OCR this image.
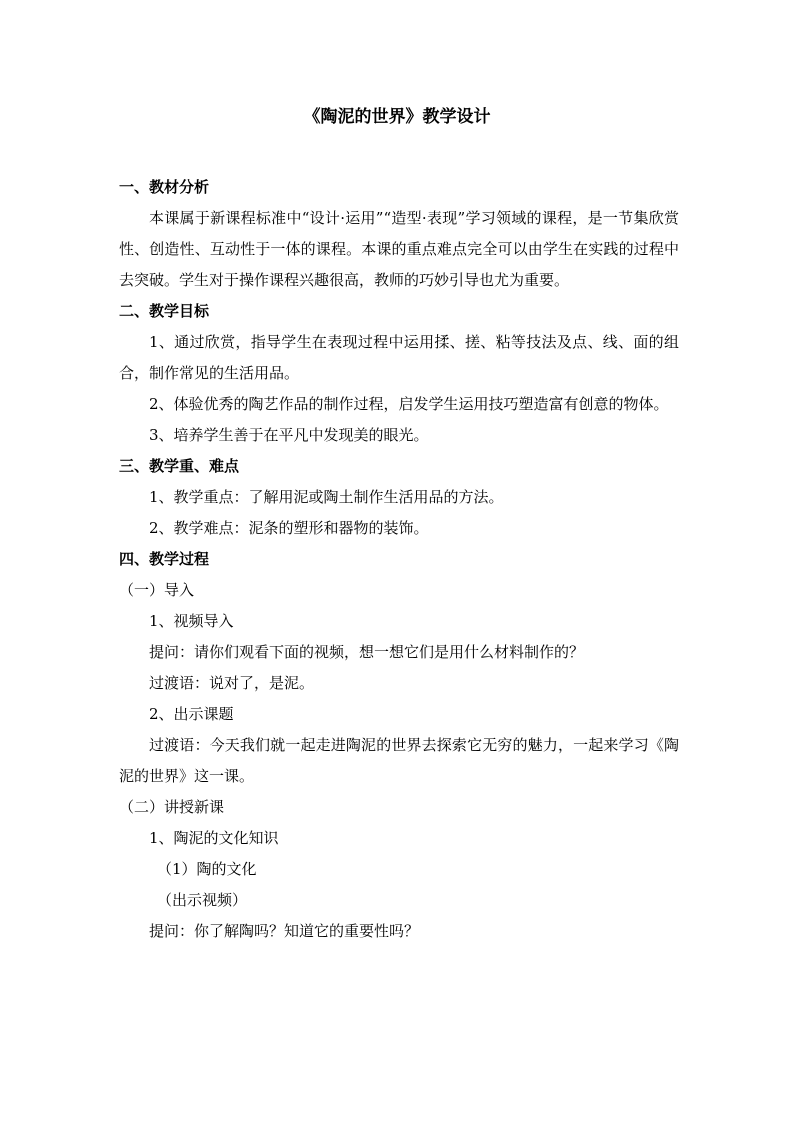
《陶泥的世界》教学设计

一、教材分析

本课属于新课程标准中“设计·运用”“造型·表现”学习领域的课程，是一节集欣赏性、创造性、互动性于一体的课程。本课的重点难点完全可以由学生在实践的过程中去突破。学生对于操作课程兴趣很高，教师的巧妙引导也尤为重要。

二、教学目标

1、通过欣赏，指导学生在表现过程中运用揉、搓、粘等技法及点、线、面的组合，制作常见的生活用品。

2、体验优秀的陶艺作品的制作过程，启发学生运用技巧塑造富有创意的物体。

3、培养学生善于在平凡中发现美的眼光。

三、教学重、难点

1、教学重点：了解用泥或陶土制作生活用品的方法。

2、教学难点：泥条的塑形和器物的装饰。

四、教学过程

（一）导入

1、视频导入

提问：请你们观看下面的视频，想一想它们是用什么材料制作的？

过渡语：说对了，是泥。

2、出示课题

过渡语：今天我们就一起走进陶泥的世界去探索它无穷的魅力，一起来学习《陶泥的世界》这一课。

（二）讲授新课

1、陶泥的文化知识

（1）陶的文化

（出示视频）

提问：你了解陶吗？知道它的重要性吗？
